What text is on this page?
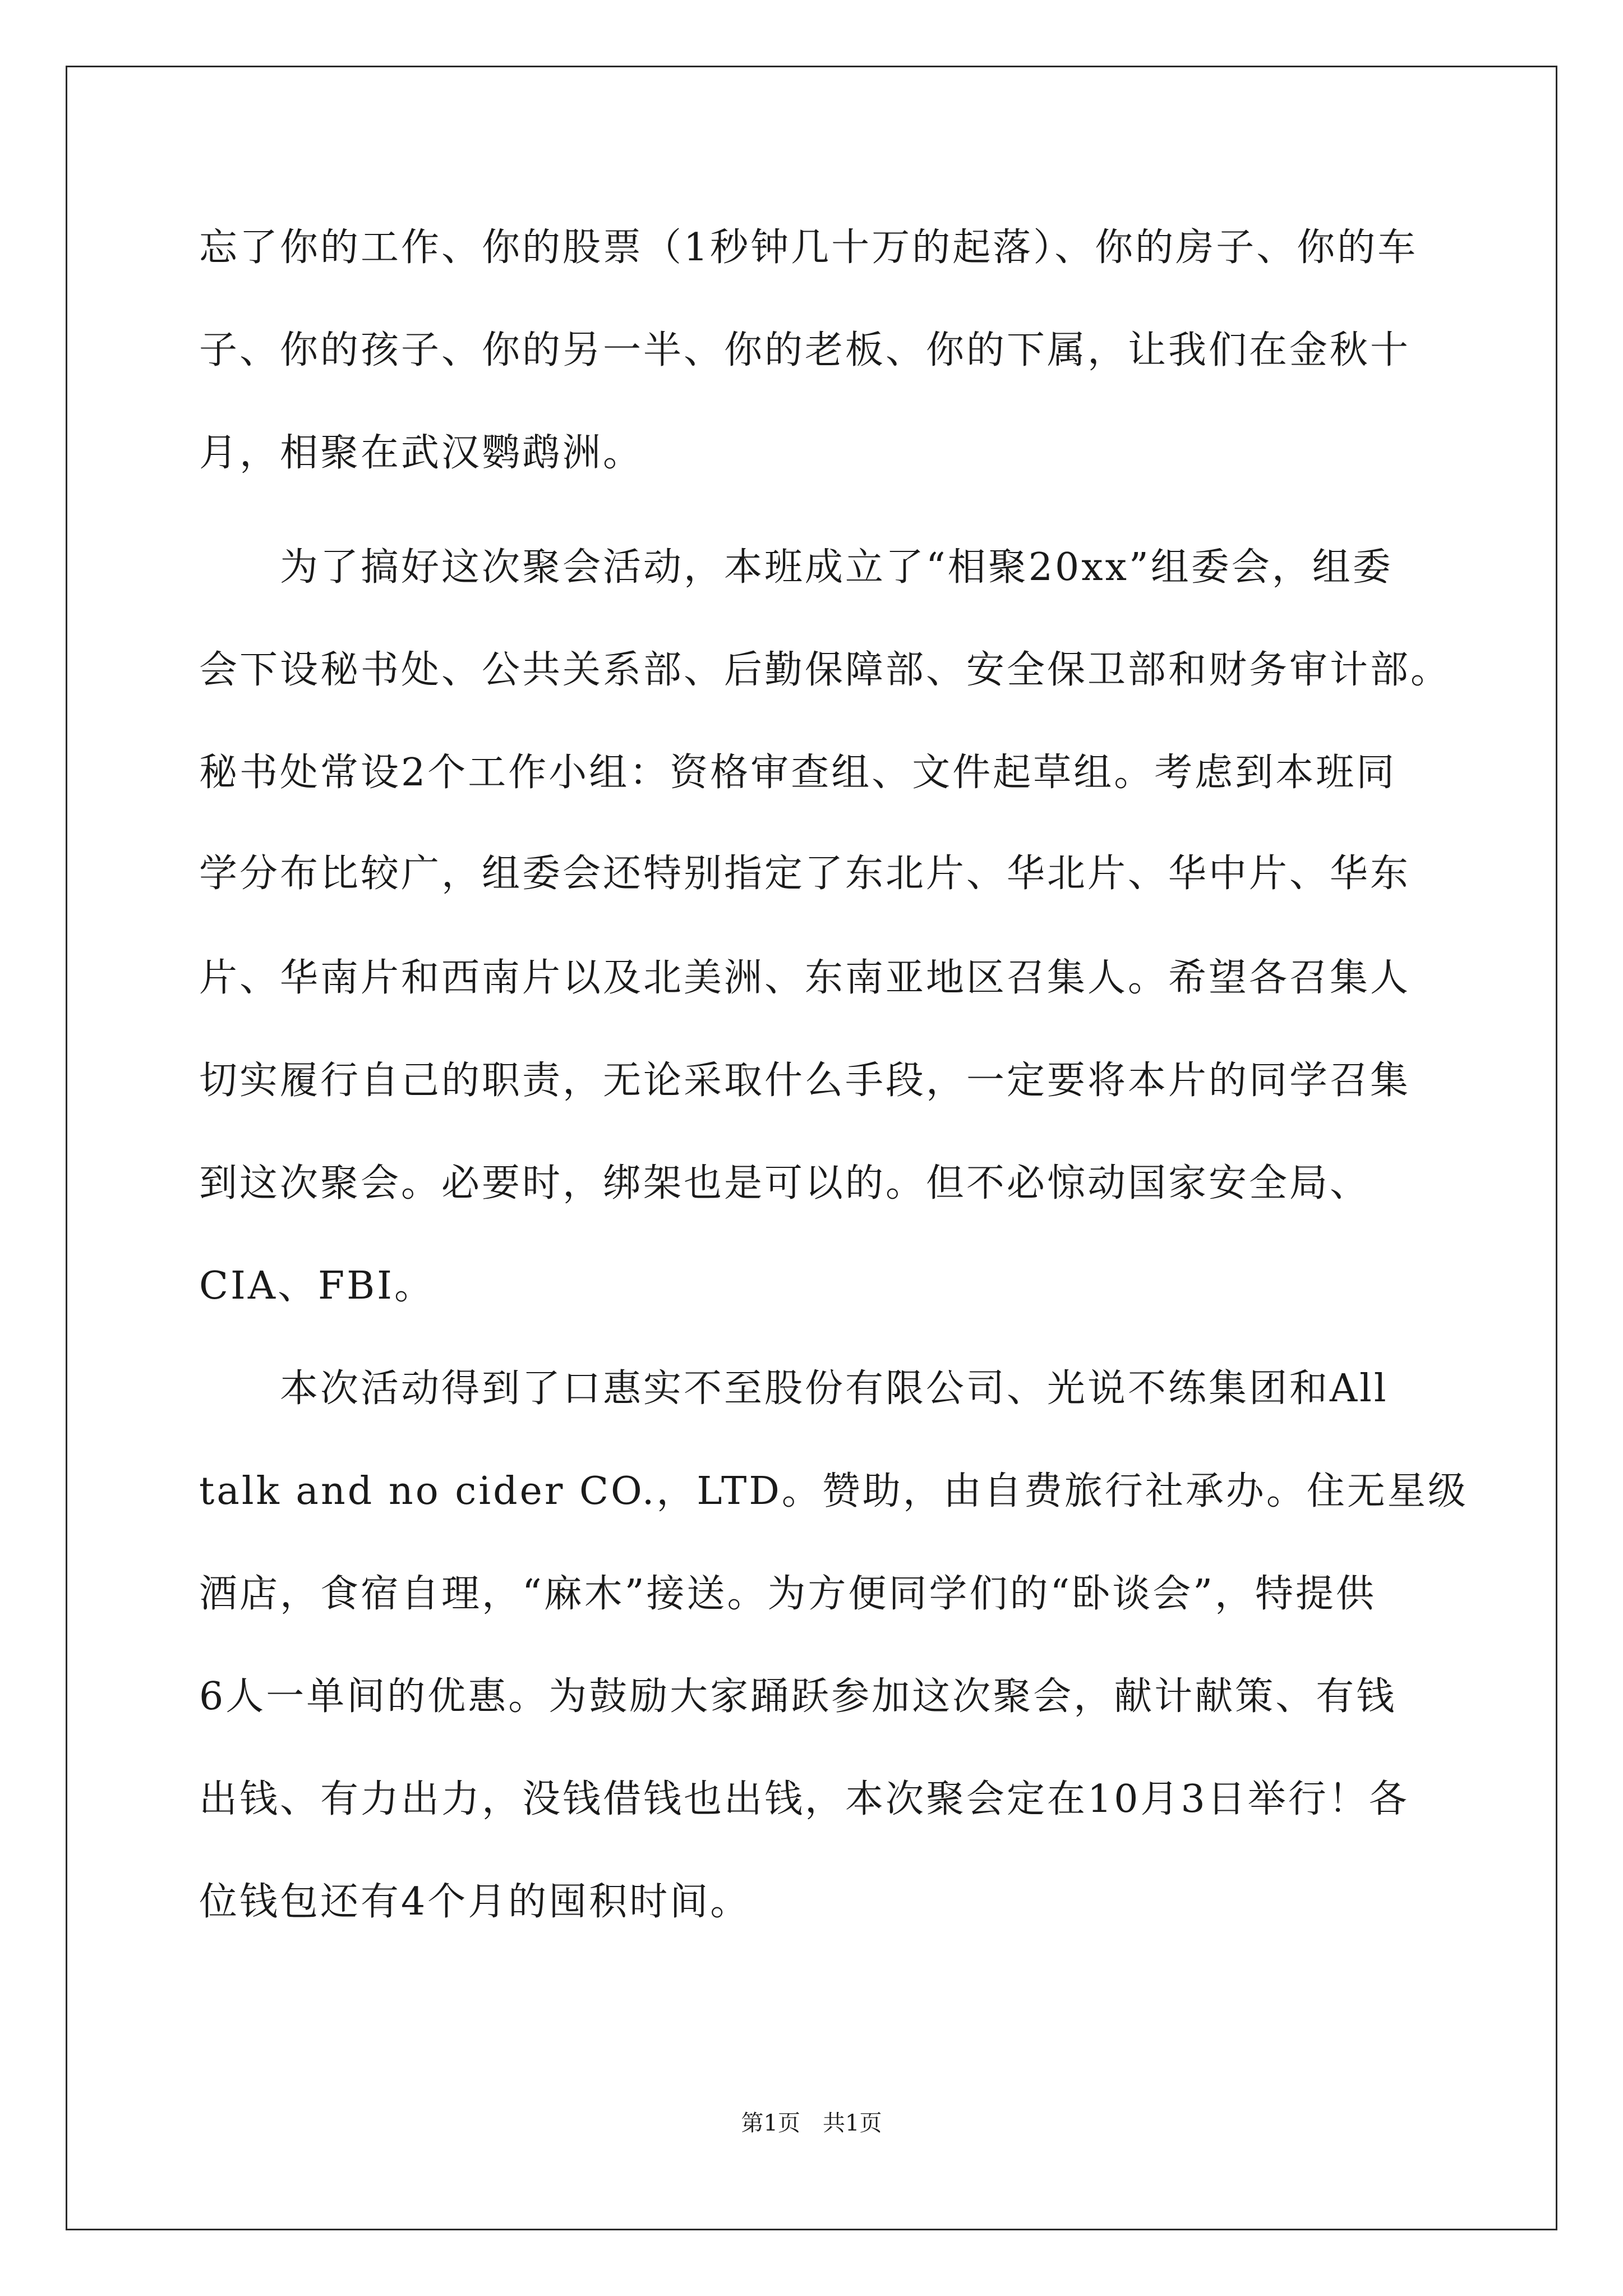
忘了你的工作、你的股票（1秒钟几十万的起落）、你的房子、你的车
子、你的孩子、你的另一半、你的老板、你的下属，让我们在金秋十
月，相聚在武汉鹦鹉洲。
　　为了搞好这次聚会活动，本班成立了“相聚20xx”组委会，组委
会下设秘书处、公共关系部、后勤保障部、安全保卫部和财务审计部。
秘书处常设2个工作小组：资格审查组、文件起草组。考虑到本班同
学分布比较广，组委会还特别指定了东北片、华北片、华中片、华东
片、华南片和西南片以及北美洲、东南亚地区召集人。希望各召集人
切实履行自己的职责，无论采取什么手段，一定要将本片的同学召集
到这次聚会。必要时，绑架也是可以的。但不必惊动国家安全局、
CIA、FBI。
　　本次活动得到了口惠实不至股份有限公司、光说不练集团和All
talk and no cider CO.，LTD。赞助，由自费旅行社承办。住无星级
酒店，食宿自理，“麻木”接送。为方便同学们的“卧谈会”，特提供
6人一单间的优惠。为鼓励大家踊跃参加这次聚会，献计献策、有钱
出钱、有力出力，没钱借钱也出钱，本次聚会定在10月3日举行！各
位钱包还有4个月的囤积时间。
第1页　共1页
